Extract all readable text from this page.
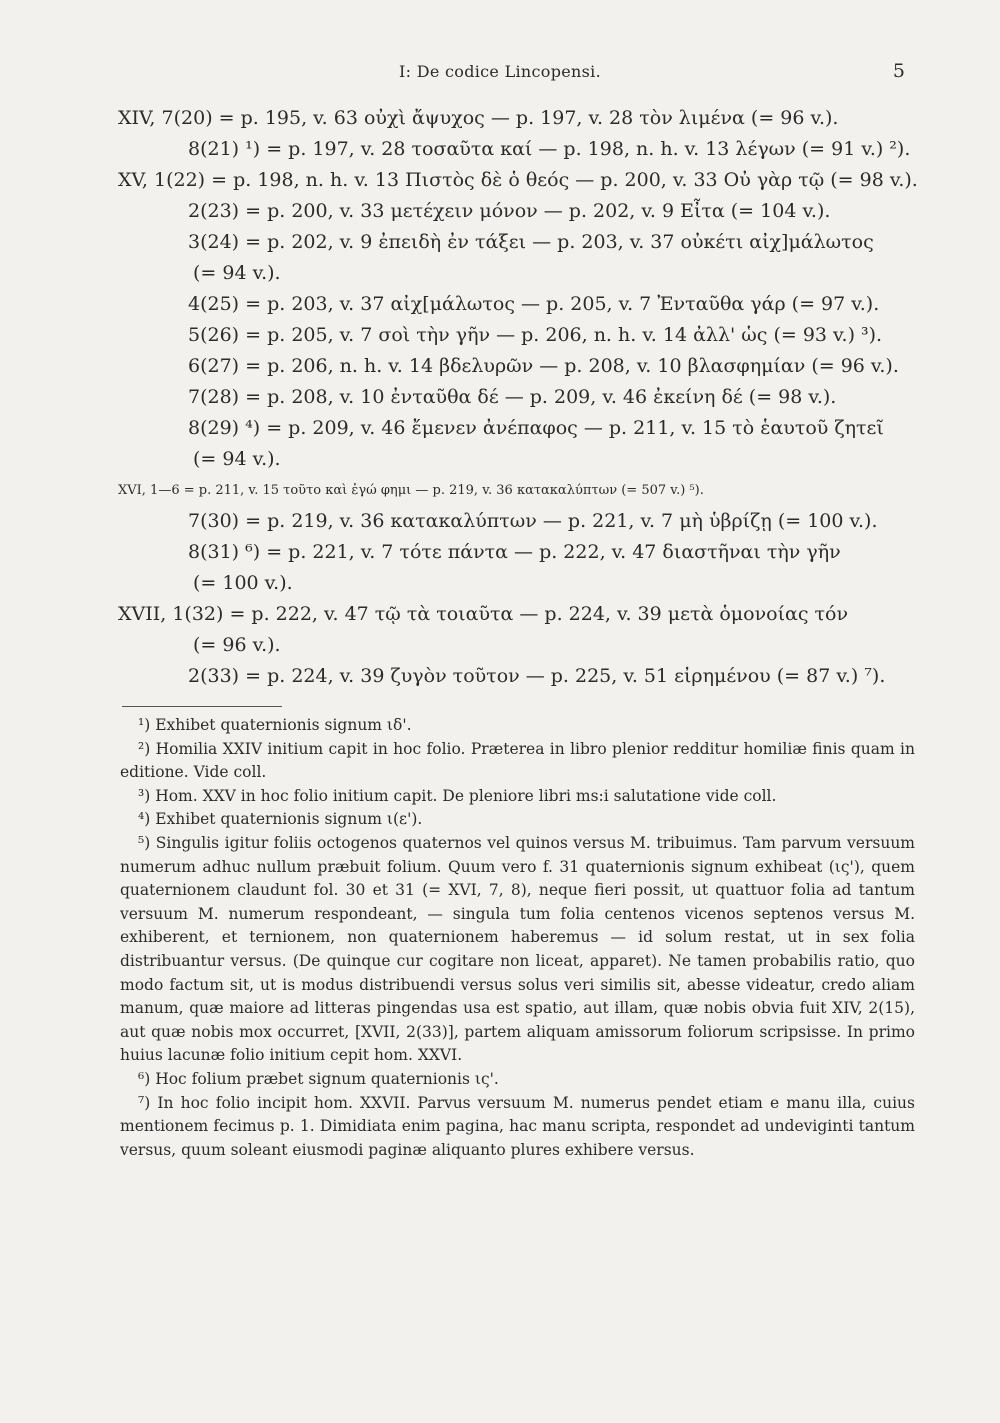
I: De codice Lincopensi.	5
XIV, 7(20) = p. 195, v. 63 οὐχὶ ἄψυχος — p. 197, v. 28 τὸν λιμένα (= 96 v.).
8(21) ¹) = p. 197, v. 28 τοσαῦτα καί — p. 198, n. h. v. 13 λέγων (= 91 v.) ²).
XV, 1(22) = p. 198, n. h. v. 13 Πιστὸς δὲ ὁ θεός — p. 200, v. 33 Οὐ γὰρ τῷ (= 98 v.).
2(23) = p. 200, v. 33 μετέχειν μόνον — p. 202, v. 9 Εἶτα (= 104 v.).
3(24) = p. 202, v. 9 ἐπειδὴ ἐν τάξει — p. 203, v. 37 οὐκέτι αἰχ]μάλωτος
(= 94 v.).
4(25) = p. 203, v. 37 αἰχ[μάλωτος — p. 205, v. 7 Ἐνταῦθα γάρ (= 97 v.).
5(26) = p. 205, v. 7 σοὶ τὴν γῆν — p. 206, n. h. v. 14 ἀλλ' ὡς (= 93 v.) ³).
6(27) = p. 206, n. h. v. 14 βδελυρῶν — p. 208, v. 10 βλασφημίαν (= 96 v.).
7(28) = p. 208, v. 10 ἐνταῦθα δέ — p. 209, v. 46 ἐκείνη δέ (= 98 v.).
8(29) ⁴) = p. 209, v. 46 ἔμενεν ἀνέπαφος — p. 211, v. 15 τὸ ἑαυτοῦ ζητεῖ
(= 94 v.).
XVI, 1—6 = p. 211, v. 15 τοῦτο καὶ ἐγώ φημι — p. 219, v. 36 κατακαλύπτων (= 507 v.) ⁵).
7(30) = p. 219, v. 36 κατακαλύπτων — p. 221, v. 7 μὴ ὑβρίζῃ (= 100 v.).
8(31) ⁶) = p. 221, v. 7 τότε πάντα — p. 222, v. 47 διαστῆναι τὴν γῆν
(= 100 v.).
XVII, 1(32) = p. 222, v. 47 τῷ τὰ τοιαῦτα — p. 224, v. 39 μετὰ ὁμονοίας τόν
(= 96 v.).
2(33) = p. 224, v. 39 ζυγὸν τοῦτον — p. 225, v. 51 εἰρημένου (= 87 v.) ⁷).

¹) Exhibet quaternionis signum ιδ'.

²) Homilia XXIV initium capit in hoc folio. Præterea in libro plenior redditur homiliæ finis quam in editione. Vide coll.

³) Hom. XXV in hoc folio initium capit. De pleniore libri ms:i salutatione vide coll.

⁴) Exhibet quaternionis signum ι(ε').

⁵) Singulis igitur foliis octogenos quaternos vel quinos versus M. tribuimus. Tam parvum versuum numerum adhuc nullum præbuit folium. Quum vero f. 31 quaternionis signum exhibeat (ις'), quem quaternionem claudunt fol. 30 et 31 (= XVI, 7, 8), neque fieri possit, ut quattuor folia ad tantum versuum M. numerum respondeant, — singula tum folia centenos vicenos septenos versus M. exhiberent, et ternionem, non quaternionem haberemus — id solum restat, ut in sex folia distribuantur versus. (De quinque cur cogitare non liceat, apparet). Ne tamen probabilis ratio, quo modo factum sit, ut is modus distribuendi versus solus veri similis sit, abesse videatur, credo aliam manum, quæ maiore ad litteras pingendas usa est spatio, aut illam, quæ nobis obvia fuit XIV, 2(15), aut quæ nobis mox occurret, [XVII, 2(33)], partem aliquam amissorum foliorum scripsisse. In primo huius lacunæ folio initium cepit hom. XXVI.

⁶) Hoc folium præbet signum quaternionis ις'.

⁷) In hoc folio incipit hom. XXVII. Parvus versuum M. numerus pendet etiam e manu illa, cuius mentionem fecimus p. 1. Dimidiata enim pagina, hac manu scripta, respondet ad undeviginti tantum versus, quum soleant eiusmodi paginæ aliquanto plures exhibere versus.
